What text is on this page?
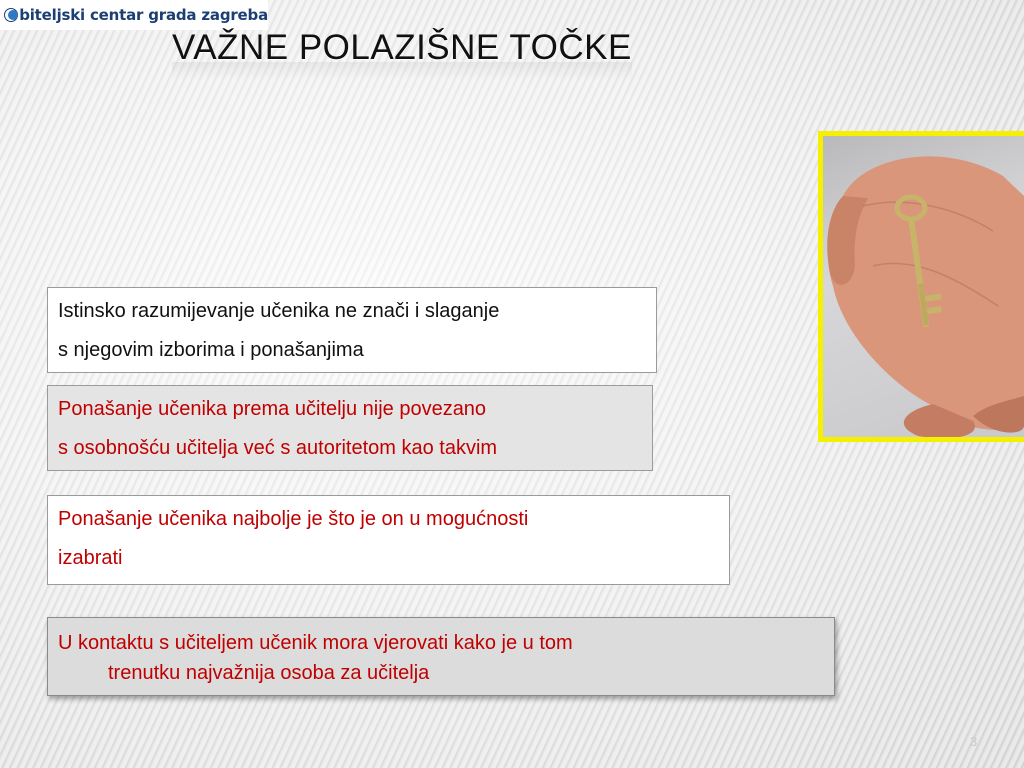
biteljski centar grada zagreba
VAŽNE POLAZIŠNE TOČKE
Istinsko razumijevanje učenika ne znači i slaganje
s njegovim izborima i ponašanjima
Ponašanje učenika prema učitelju nije povezano
s osobnošću učitelja već s autoritetom kao takvim
Ponašanje učenika najbolje je što je on u mogućnosti
izabrati
U kontaktu s učiteljem učenik mora vjerovati kako je u tom
trenutku najvažnija osoba za učitelja
3
